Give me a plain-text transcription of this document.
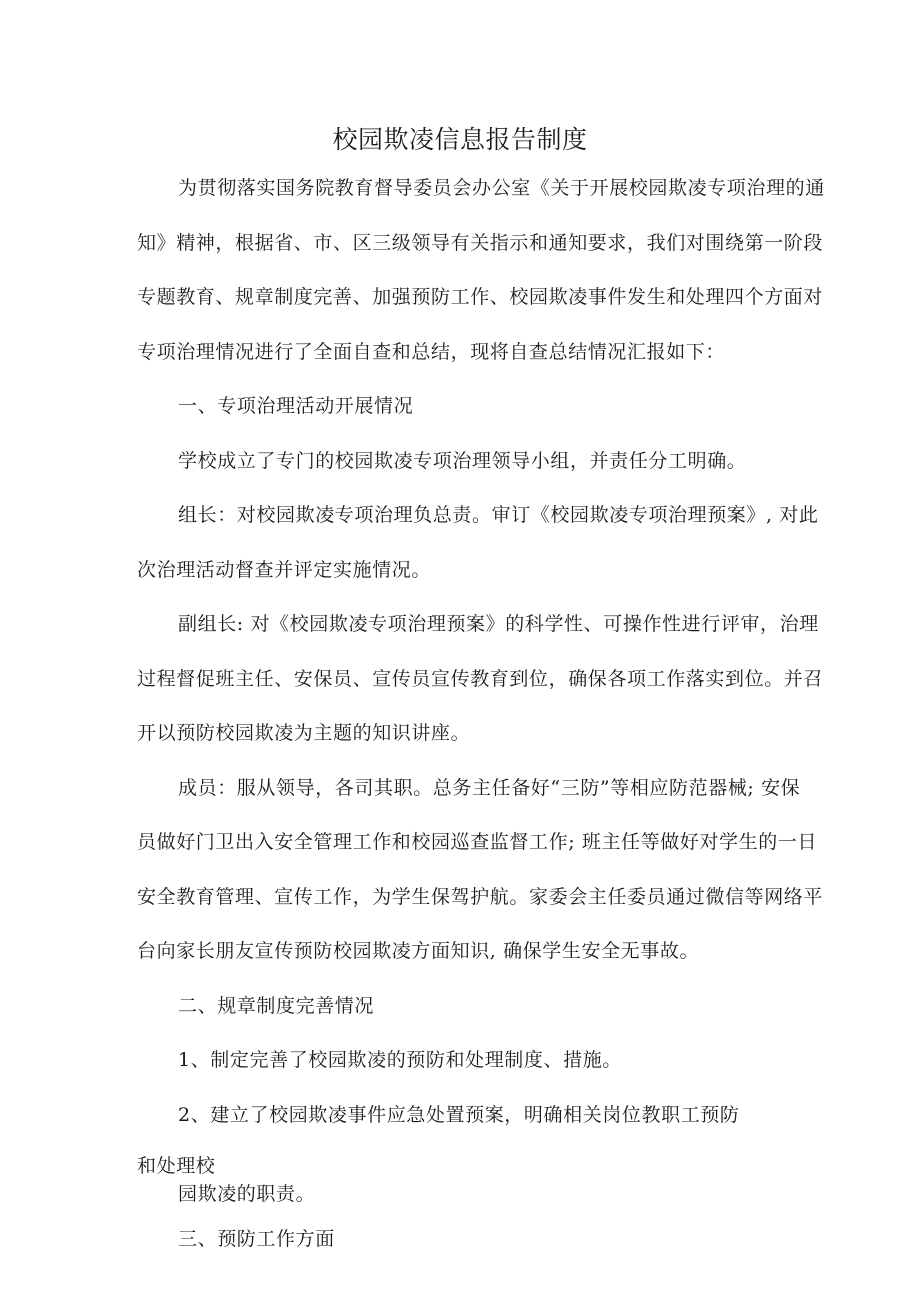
校园欺凌信息报告制度
为贯彻落实国务院教育督导委员会办公室《关于开展校园欺凌专项治理的通
知》精神，根据省、市、区三级领导有关指示和通知要求，我们对围绕第一阶段
专题教育、规章制度完善、加强预防工作、校园欺凌事件发生和处理四个方面对
专项治理情况进行了全面自查和总结，现将自查总结情况汇报如下：
一、专项治理活动开展情况
学校成立了专门的校园欺凌专项治理领导小组，并责任分工明确。
组长：对校园欺凌专项治理负总责。审订《校园欺凌专项治理预案》, 对此
次治理活动督查并评定实施情况。
副组长: 对《校园欺凌专项治理预案》的科学性、可操作性进行评审，治理
过程督促班主任、安保员、宣传员宣传教育到位，确保各项工作落实到位。并召
开以预防校园欺凌为主题的知识讲座。
成员：服从领导，各司其职。总务主任备好“三防”等相应防范器械; 安保
员做好门卫出入安全管理工作和校园巡查监督工作; 班主任等做好对学生的一日
安全教育管理、宣传工作，为学生保驾护航。家委会主任委员通过微信等网络平
台向家长朋友宣传预防校园欺凌方面知识, 确保学生安全无事故。
二、规章制度完善情况
1、制定完善了校园欺凌的预防和处理制度、措施。
2、建立了校园欺凌事件应急处置预案，明确相关岗位教职工预防
和处理校
园欺凌的职责。
三、预防工作方面
